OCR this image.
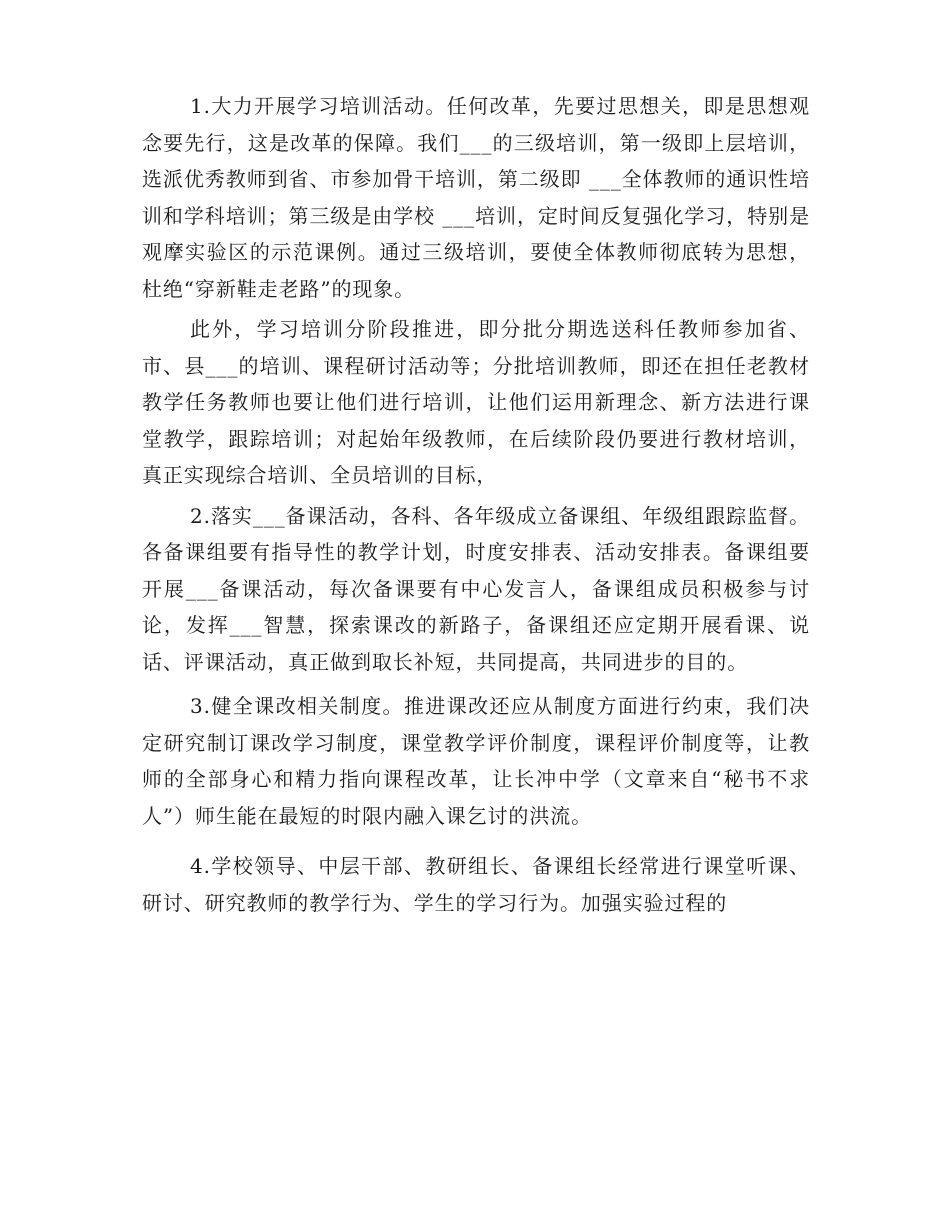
1.大力开展学习培训活动。任何改革，先要过思想关，即是思想观念要先行，这是改革的保障。我们___的三级培训，第一级即上层培训，选派优秀教师到省、市参加骨干培训，第二级即 ___全体教师的通识性培训和学科培训；第三级是由学校 ___培训，定时间反复强化学习，特别是观摩实验区的示范课例。通过三级培训，要使全体教师彻底转为思想，杜绝“穿新鞋走老路”的现象。

此外，学习培训分阶段推进，即分批分期选送科任教师参加省、市、县___的培训、课程研讨活动等；分批培训教师，即还在担任老教材教学任务教师也要让他们进行培训，让他们运用新理念、新方法进行课堂教学，跟踪培训；对起始年级教师，在后续阶段仍要进行教材培训，真正实现综合培训、全员培训的目标，

2.落实___备课活动，各科、各年级成立备课组、年级组跟踪监督。各备课组要有指导性的教学计划，时度安排表、活动安排表。备课组要开展___备课活动，每次备课要有中心发言人，备课组成员积极参与讨论，发挥___智慧，探索课改的新路子，备课组还应定期开展看课、说话、评课活动，真正做到取长补短，共同提高，共同进步的目的。

3.健全课改相关制度。推进课改还应从制度方面进行约束，我们决定研究制订课改学习制度，课堂教学评价制度，课程评价制度等，让教师的全部身心和精力指向课程改革，让长冲中学（文章来自“秘书不求人”）师生能在最短的时限内融入课乞讨的洪流。

4.学校领导、中层干部、教研组长、备课组长经常进行课堂听课、研讨、研究教师的教学行为、学生的学习行为。加强实验过程的
